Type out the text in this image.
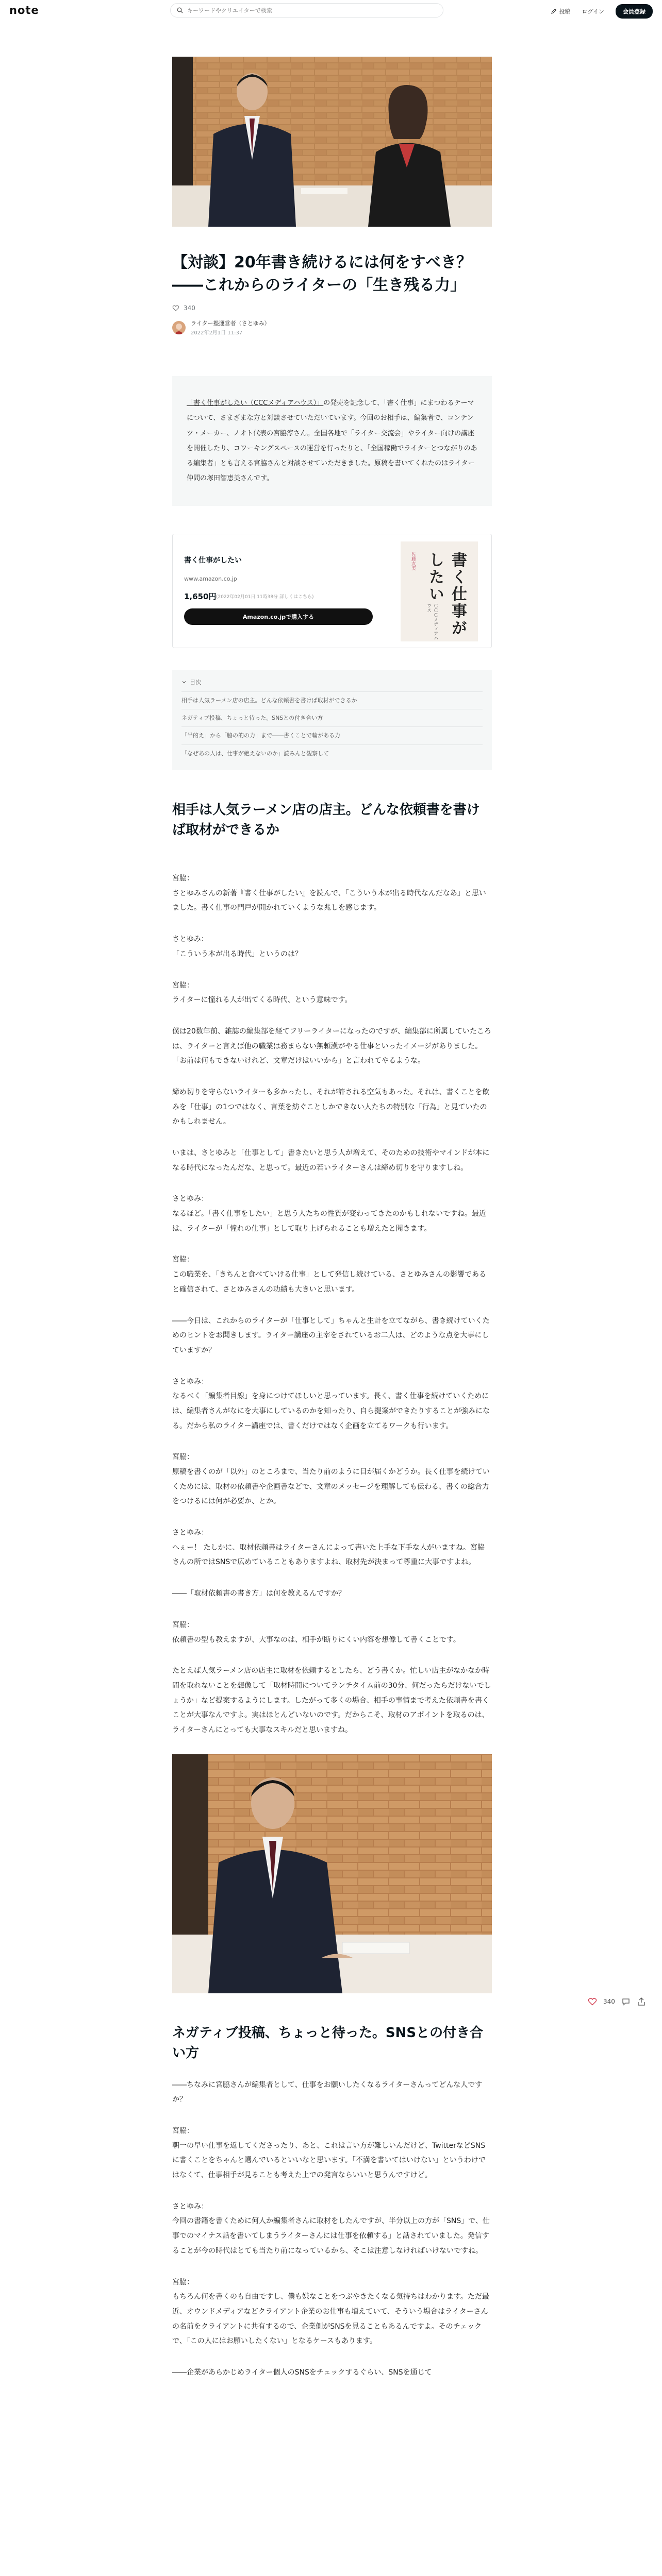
note
キーワードやクリエイターで検索	投稿 ログイン	会員登録
【対談】20年書き続けるには何をすべき？
――これからのライターの「生き残る力」
340
ライター塾運営者（さとゆみ）
2022年2月1日 11:37
「書く仕事がしたい（CCCメディアハウス）」の発売を記念して、「書く仕事」にまつわるテーマについて、さまざまな方と対談させていただいています。今回のお相手は、編集者で、コンテンツ・メーカー、ノオト代表の宮脇淳さん。全国各地で「ライター交流会」やライター向けの講座を開催したり、コワーキングスペースの運営を行ったりと、「全国稼働でライターとつながりのある編集者」とも言える宮脇さんと対談させていただきました。原稿を書いてくれたのはライター仲間の塚田智恵美さんです。
書く仕事がしたい
www.amazon.co.jp
1,650円 (2022年02月01日 11時38分 詳しくはこちら)
Amazon.co.jpで購入する	書く仕事がしたい
佐藤友美
ＣＣＣメディアハウス
目次
相手は人気ラーメン店の店主。どんな依頼書を書けば取材ができるか
ネガティブ投稿、ちょっと待った。SNSとの付き合い方
「半的え」から「脇の的の力」まで――書くことで輪がある力
「なぜあの人は、仕事が絶えないのか」読みんと観察して
相手は人気ラーメン店の店主。どんな依頼書を書けば取材ができるか

宮脇：
さとゆみさんの新著『書く仕事がしたい』を読んで、「こういう本が出る時代なんだなあ」と思いました。書く仕事の門戸が開かれていくような兆しを感じます。

さとゆみ：
「こういう本が出る時代」というのは？

宮脇：
ライターに憧れる人が出てくる時代、という意味です。

僕は20数年前、雑誌の編集部を経てフリーライターになったのですが、編集部に所属していたころは、ライターと言えば他の職業は務まらない無頼漢がやる仕事といったイメージがありました。「お前は何もできないけれど、文章だけはいいから」と言われてやるような。

締め切りを守らないライターも多かったし、それが許される空気もあった。それは、書くことを飲みを「仕事」の1つではなく、言葉を紡ぐことしかできない人たちの特別な「行為」と見ていたのかもしれません。

いまは、さとゆみと「仕事として」書きたいと思う人が増えて、そのための技術やマインドが本になる時代になったんだな、と思って。最近の若いライターさんは締め切りを守りますしね。

さとゆみ：
なるほど。「書く仕事をしたい」と思う人たちの性質が変わってきたのかもしれないですね。最近は、ライターが「憧れの仕事」として取り上げられることも増えたと聞きます。

宮脇：
この職業を、「きちんと食べていける仕事」として発信し続けている、さとゆみさんの影響であると確信されて、さとゆみさんの功績も大きいと思います。

――今日は、これからのライターが「仕事として」ちゃんと生計を立てながら、書き続けていくためのヒントをお聞きします。ライター講座の主宰をされているお二人は、どのような点を大事にしていますか？

さとゆみ：
なるべく「編集者目線」を身につけてほしいと思っています。長く、書く仕事を続けていくためには、編集者さんがなにを大事にしているのかを知ったり、自ら提案ができたりすることが強みになる。だから私のライター講座では、書くだけではなく企画を立てるワークも行います。

宮脇：
原稿を書くのが「以外」のところまで、当たり前のように目が届くかどうか。長く仕事を続けていくためには、取材の依頼書や企画書などで、文章のメッセージを理解しても伝わる、書くの総合力をつけるには何が必要か、とか。

さとゆみ：
へぇー！ たしかに、取材依頼書はライターさんによって書いた上手な下手な人がいますね。宮脇さんの所ではSNSで広めていることもありますよね、取材先が決まって尊重に大事ですよね。

――「取材依頼書の書き方」は何を教えるんですか？

宮脇：
依頼書の型も教えますが、大事なのは、相手が断りにくい内容を想像して書くことです。

たとえば人気ラーメン店の店主に取材を依頼するとしたら、どう書くか。忙しい店主がなかなか時間を取れないことを想像して「取材時間についてランチタイム前の30分、何だったらだけないでしょうか」など提案するようにします。したがって多くの場合、相手の事情まで考えた依頼書を書くことが大事なんですよ。実はほとんどいないのです。だからこそ、取材のアポイントを取るのは、ライターさんにとっても大事なスキルだと思いますね。

ネガティブ投稿、ちょっと待った。SNSとの付き合い方

――ちなみに宮脇さんが編集者として、仕事をお願いしたくなるライターさんってどんな人ですか？

宮脇：
朝一の早い仕事を返してくださったり、あと、これは言い方が難しいんだけど、TwitterなどSNSに書くことをちゃんと選んでいるといいなと思います。「不満を書いてはいけない」というわけではなくて、仕事相手が見ることも考えた上での発言ならいいと思うんですけど。

さとゆみ：
今回の書籍を書くために何人か編集者さんに取材をしたんですが、半分以上の方が「SNS」で、仕事でのマイナス話を書いてしまうライターさんには仕事を依頼する」と話されていました。発信することが今の時代はとても当たり前になっているから、そこは注意しなければいけないですね。

宮脇：
もちろん何を書くのも自由ですし、僕も嫌なことをつぶやきたくなる気持ちはわかります。ただ最近、オウンドメディアなどクライアント企業のお仕事も増えていて、そういう場合はライターさんの名前をクライアントに共有するので、企業側がSNSを見ることもあるんですよ。そのチェックで、「この人にはお願いしたくない」となるケースもあります。

――企業があらかじめライター個人のSNSをチェックするぐらい、SNSを通じて

340
